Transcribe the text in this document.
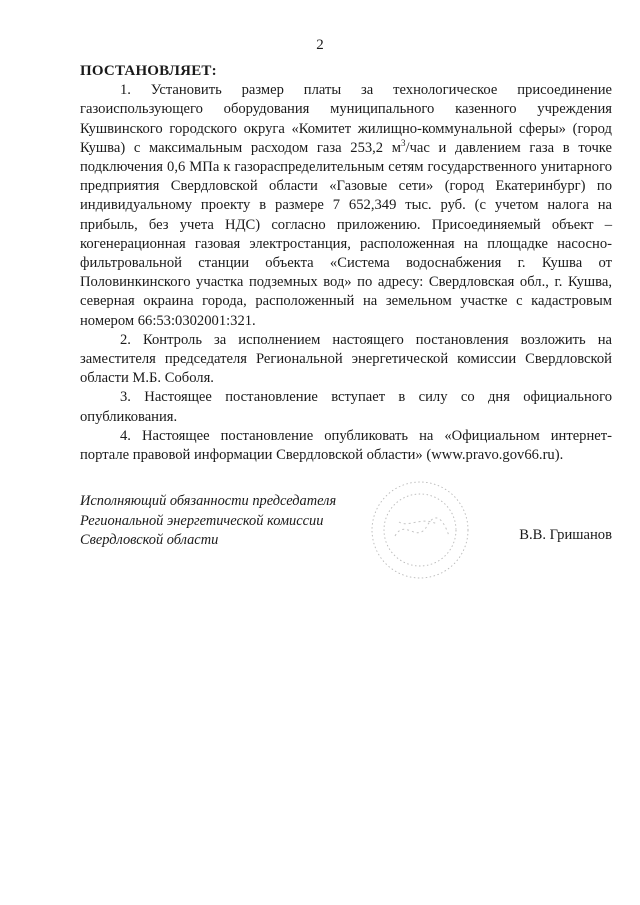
2

ПОСТАНОВЛЯЕТ:

1. Установить размер платы за технологическое присоединение газоиспользующего оборудования муниципального казенного учреждения Кушвинского городского округа «Комитет жилищно-коммунальной сферы» (город Кушва) с максимальным расходом газа 253,2 $м^3$/час и давлением газа в точке подключения 0,6 МПа к газораспределительным сетям государственного унитарного предприятия Свердловской области «Газовые сети» (город Екатеринбург) по индивидуальному проекту в размере 7 652,349 тыс. руб. (с учетом налога на прибыль, без учета НДС) согласно приложению. Присоединяемый объект – когенерационная газовая электростанция, расположенная на площадке насосно-фильтровальной станции объекта «Система водоснабжения г. Кушва от Половинкинского участка подземных вод» по адресу: Свердловская обл., г. Кушва, северная окраина города, расположенный на земельном участке с кадастровым номером 66:53:0302001:321.

2. Контроль за исполнением настоящего постановления возложить на заместителя председателя Региональной энергетической комиссии Свердловской области М.Б. Соболя.

3. Настоящее постановление вступает в силу со дня официального опубликования.

4. Настоящее постановление опубликовать на «Официальном интернет-портале правовой информации Свердловской области» (www.pravo.gov66.ru).

Исполняющий обязанности председателя
Региональной энергетической комиссии
Свердловской области	В.В. Гришанов
